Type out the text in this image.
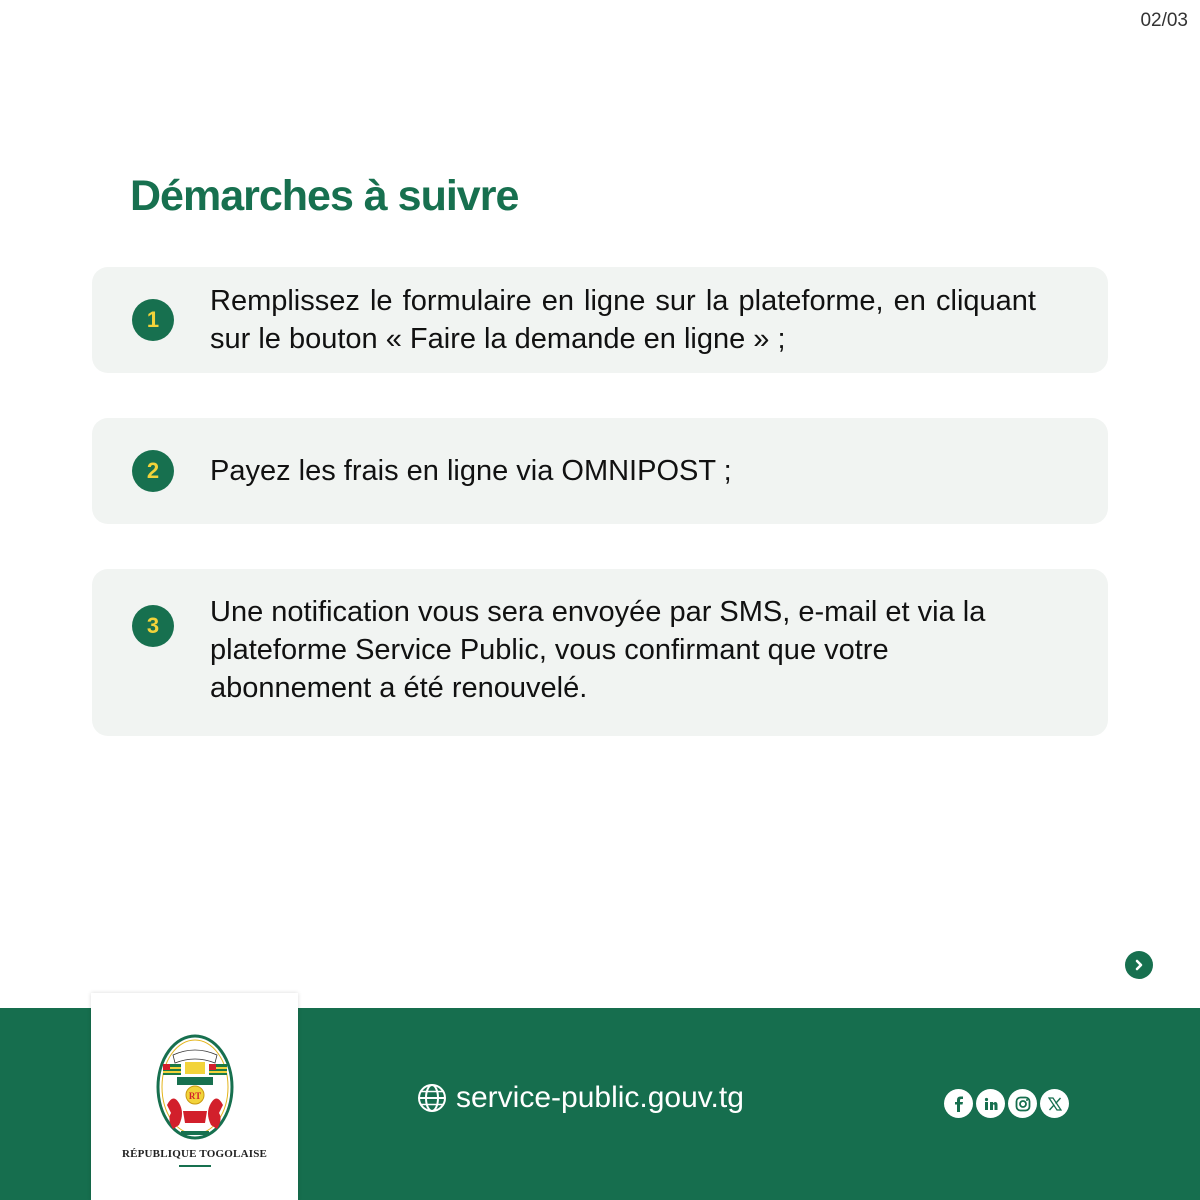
02/03
Démarches à suivre
1
Remplissez le formulaire en ligne sur la plateforme, en cliquant sur le bouton « Faire la demande en ligne » ;
2	Payez les frais en ligne via OMNIPOST ;
3	Une notification vous sera envoyée par SMS, e-mail et via la plateforme Service Public, vous confirmant que votre abonnement a été renouvelé.
RT
RÉPUBLIQUE TOGOLAISE
service-public.gouv.tg
